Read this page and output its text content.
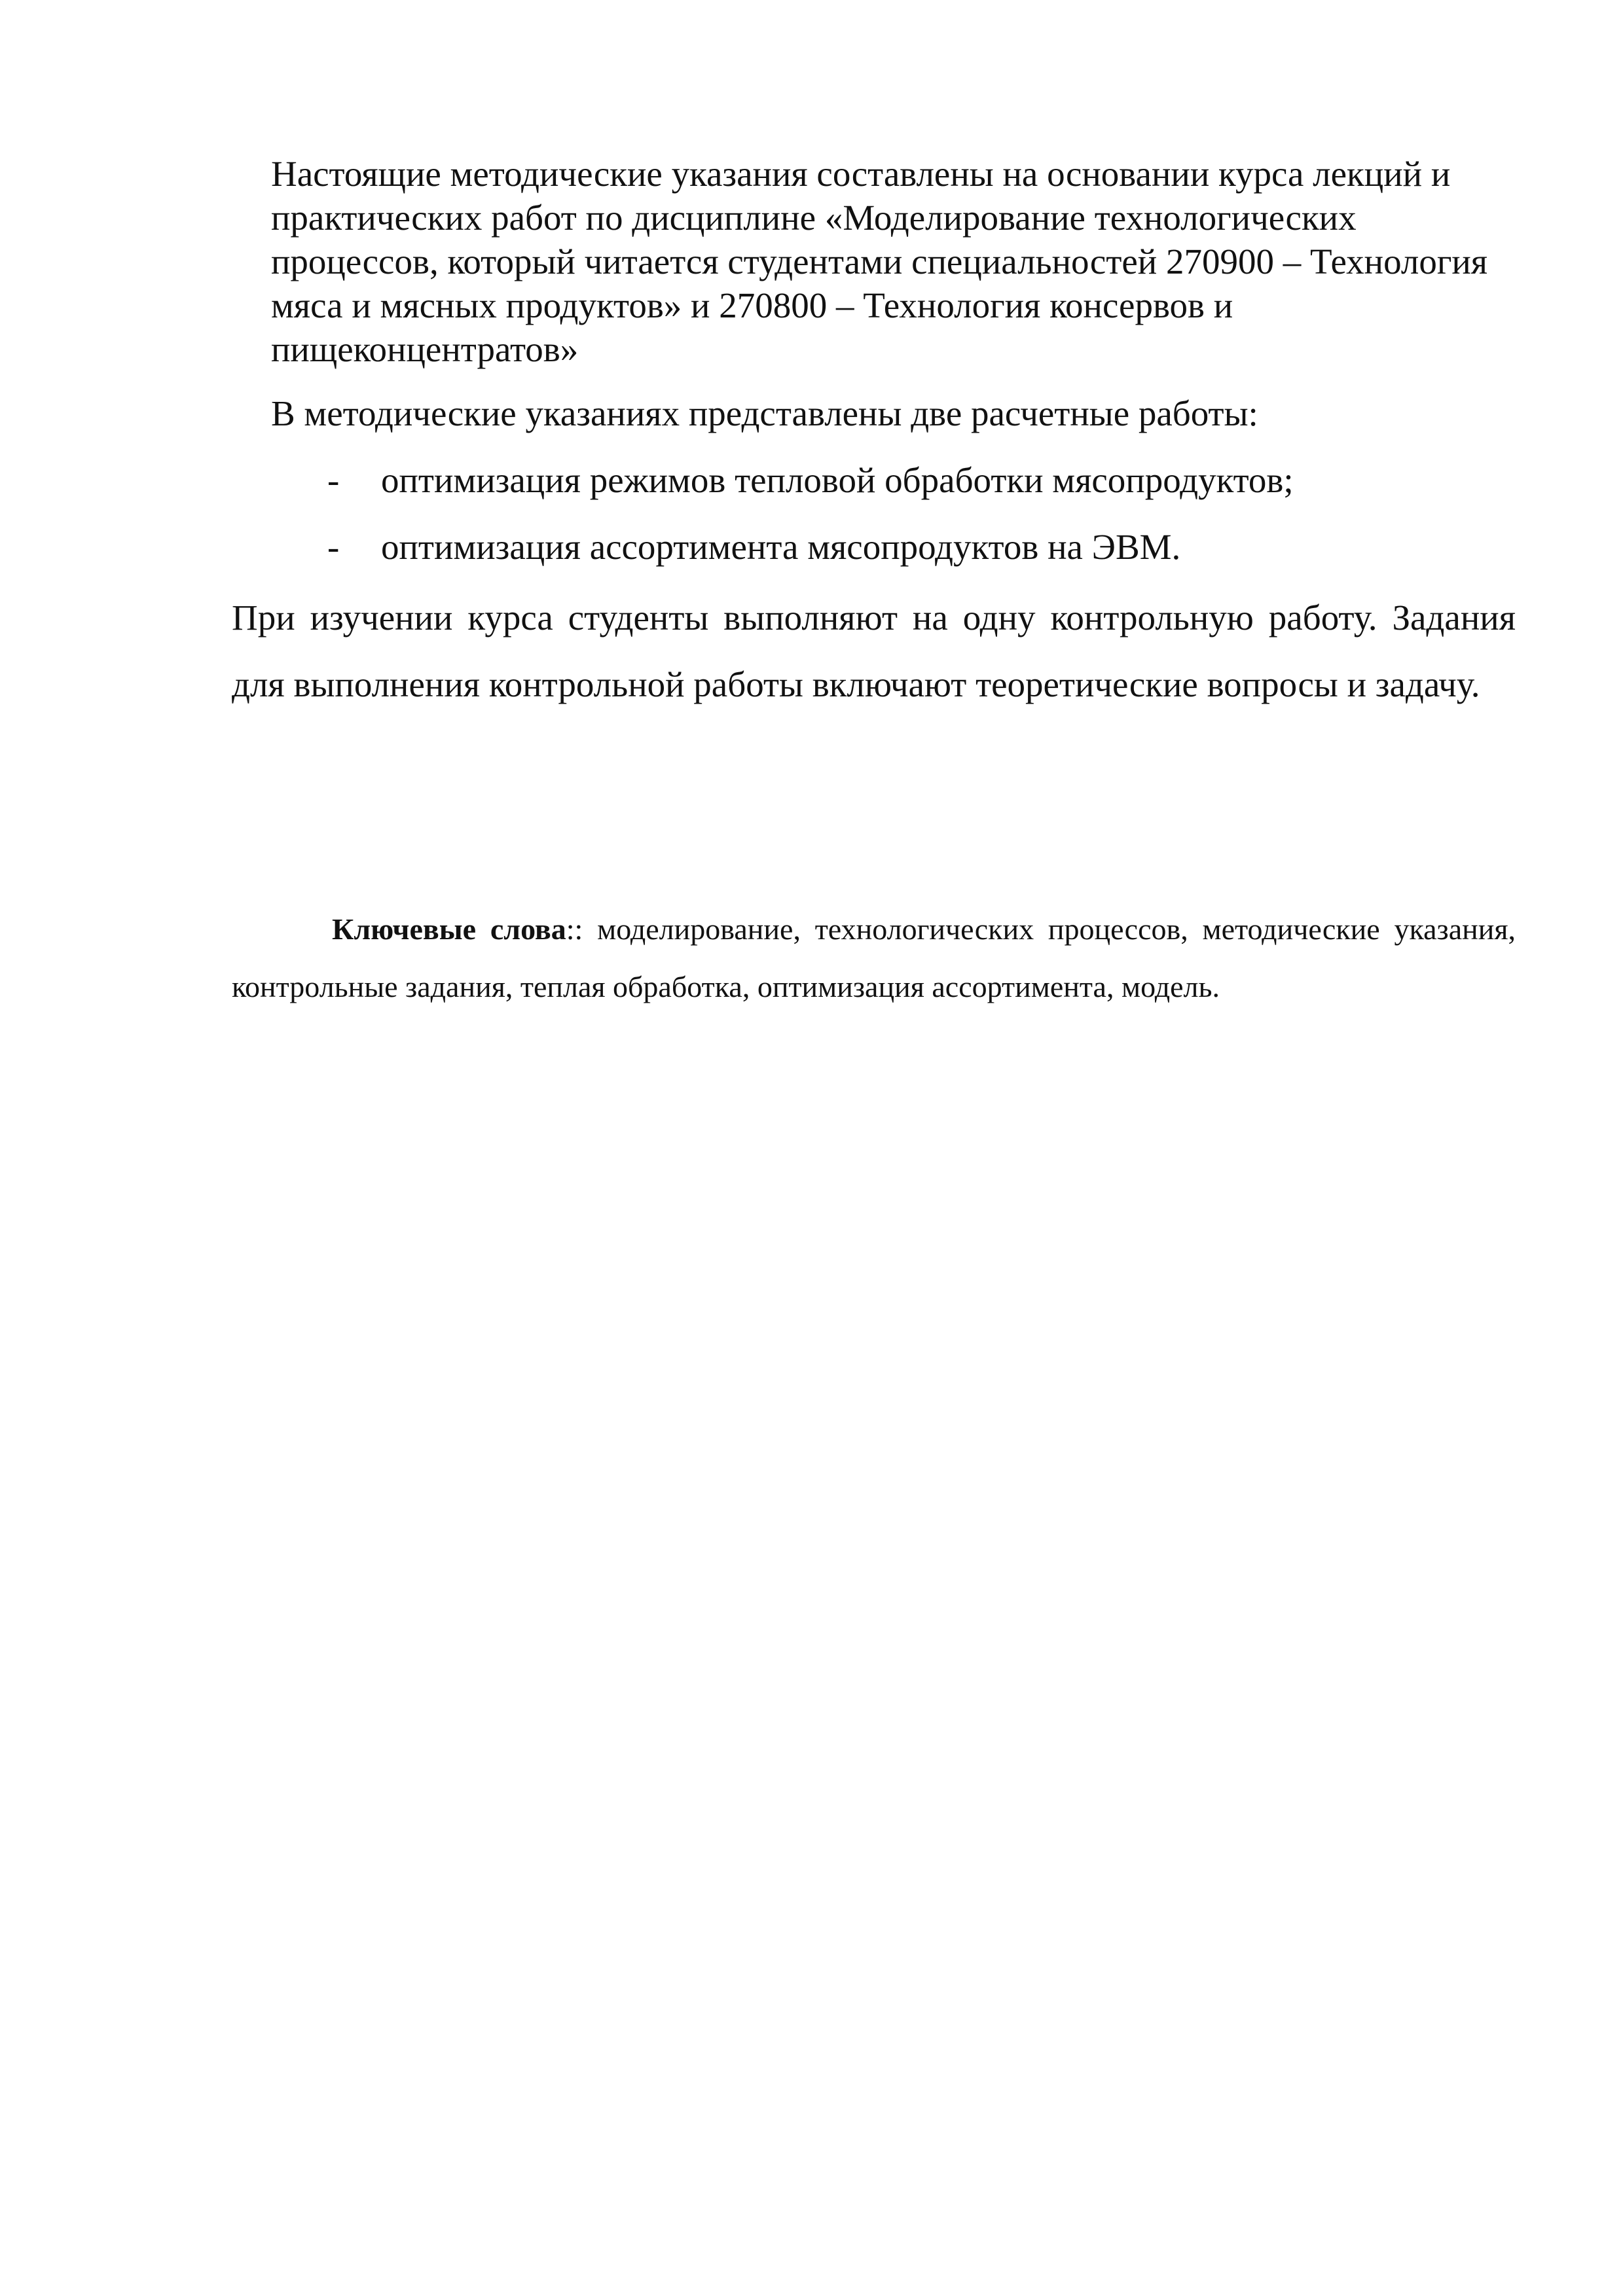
Настоящие методические указания составлены на основании курса лекций и практических работ по дисциплине «Моделирование технологических процессов, который читается студентами специальностей 270900 – Технология мяса и мясных продуктов» и 270800 – Технология консервов и пищеконцентратов»

В методические указаниях представлены две расчетные работы:

- оптимизация режимов тепловой обработки мясопродуктов;
- оптимизация ассортимента мясопродуктов на ЭВМ.

При изучении курса студенты выполняют на одну контрольную работу. Задания для выполнения контрольной работы включают теоретические вопросы и задачу.

Ключевые слова:: моделирование, технологических процессов, методические указания, контрольные задания, теплая обработка, оптимизация ассортимента, модель.
